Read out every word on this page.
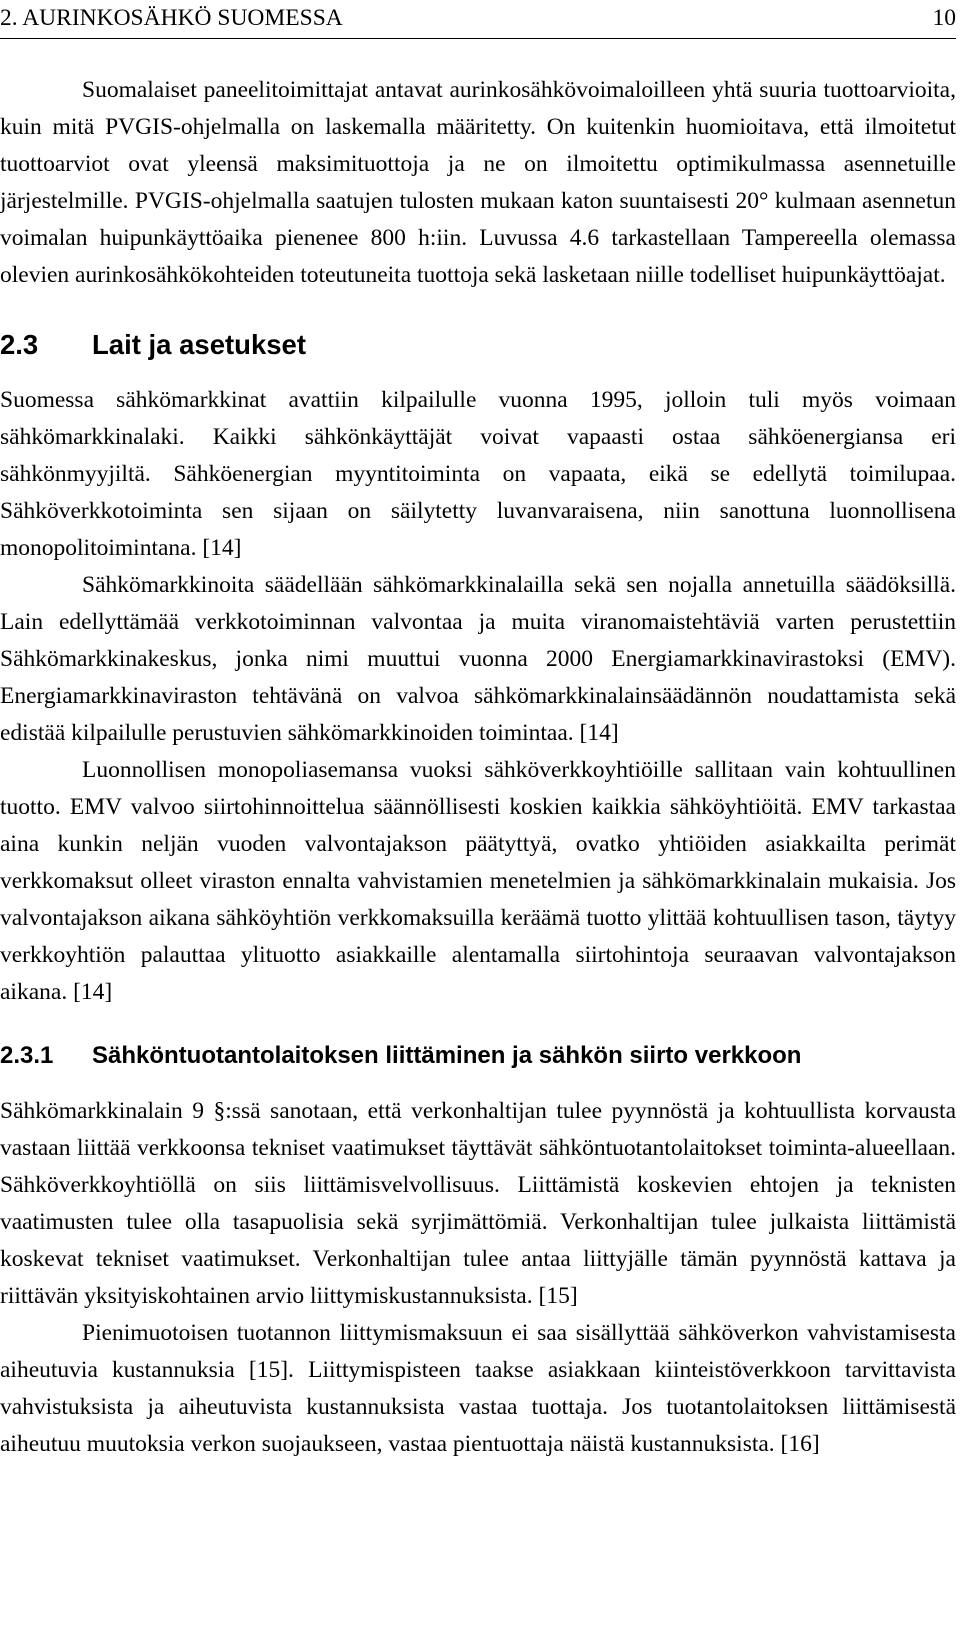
2. AURINKOSÄHKÖ SUOMESSA	10

Suomalaiset paneelitoimittajat antavat aurinkosähkövoimaloilleen yhtä suuria tuottoarvioita, kuin mitä PVGIS-ohjelmalla on laskemalla määritetty. On kuitenkin huomioitava, että ilmoitetut tuottoarviot ovat yleensä maksimituottoja ja ne on ilmoitettu optimikulmassa asennetuille järjestelmille. PVGIS-ohjelmalla saatujen tulosten mukaan katon suuntaisesti 20° kulmaan asennetun voimalan huipunkäyttöaika pienenee 800 h:iin. Luvussa 4.6 tarkastellaan Tampereella olemassa olevien aurinkosähkökohteiden toteutuneita tuottoja sekä lasketaan niille todelliset huipunkäyttöajat.

2.3 Lait ja asetukset

Suomessa sähkömarkkinat avattiin kilpailulle vuonna 1995, jolloin tuli myös voimaan sähkömarkkinalaki. Kaikki sähkönkäyttäjät voivat vapaasti ostaa sähköenergiansa eri sähkönmyyjiltä. Sähköenergian myyntitoiminta on vapaata, eikä se edellytä toimilupaa. Sähköverkkotoiminta sen sijaan on säilytetty luvanvaraisena, niin sanottuna luonnollisena monopolitoimintana. [14]

Sähkömarkkinoita säädellään sähkömarkkinalailla sekä sen nojalla annetuilla säädöksillä. Lain edellyttämää verkkotoiminnan valvontaa ja muita viranomaistehtäviä varten perustettiin Sähkömarkkinakeskus, jonka nimi muuttui vuonna 2000 Energiamarkkinavirastoksi (EMV). Energiamarkkinaviraston tehtävänä on valvoa sähkömarkkinalainsäädännön noudattamista sekä edistää kilpailulle perustuvien sähkömarkkinoiden toimintaa. [14]

Luonnollisen monopoliasemansa vuoksi sähköverkkoyhtiöille sallitaan vain kohtuullinen tuotto. EMV valvoo siirtohinnoittelua säännöllisesti koskien kaikkia sähköyhtiöitä. EMV tarkastaa aina kunkin neljän vuoden valvontajakson päätyttyä, ovatko yhtiöiden asiakkailta perimät verkkomaksut olleet viraston ennalta vahvistamien menetelmien ja sähkömarkkinalain mukaisia. Jos valvontajakson aikana sähköyhtiön verkkomaksuilla keräämä tuotto ylittää kohtuullisen tason, täytyy verkkoyhtiön palauttaa ylituotto asiakkaille alentamalla siirtohintoja seuraavan valvontajakson aikana. [14]

2.3.1 Sähköntuotantolaitoksen liittäminen ja sähkön siirto verkkoon

Sähkömarkkinalain 9 §:ssä sanotaan, että verkonhaltijan tulee pyynnöstä ja kohtuullista korvausta vastaan liittää verkkoonsa tekniset vaatimukset täyttävät sähköntuotantolaitokset toiminta-alueellaan. Sähköverkkoyhtiöllä on siis liittämisvelvollisuus. Liittämistä koskevien ehtojen ja teknisten vaatimusten tulee olla tasapuolisia sekä syrjimättömiä. Verkonhaltijan tulee julkaista liittämistä koskevat tekniset vaatimukset. Verkonhaltijan tulee antaa liittyjälle tämän pyynnöstä kattava ja riittävän yksityiskohtainen arvio liittymiskustannuksista. [15]

Pienimuotoisen tuotannon liittymismaksuun ei saa sisällyttää sähköverkon vahvistamisesta aiheutuvia kustannuksia [15]. Liittymispisteen taakse asiakkaan kiinteistöverkkoon tarvittavista vahvistuksista ja aiheutuvista kustannuksista vastaa tuottaja. Jos tuotantolaitoksen liittämisestä aiheutuu muutoksia verkon suojaukseen, vastaa pientuottaja näistä kustannuksista. [16]
